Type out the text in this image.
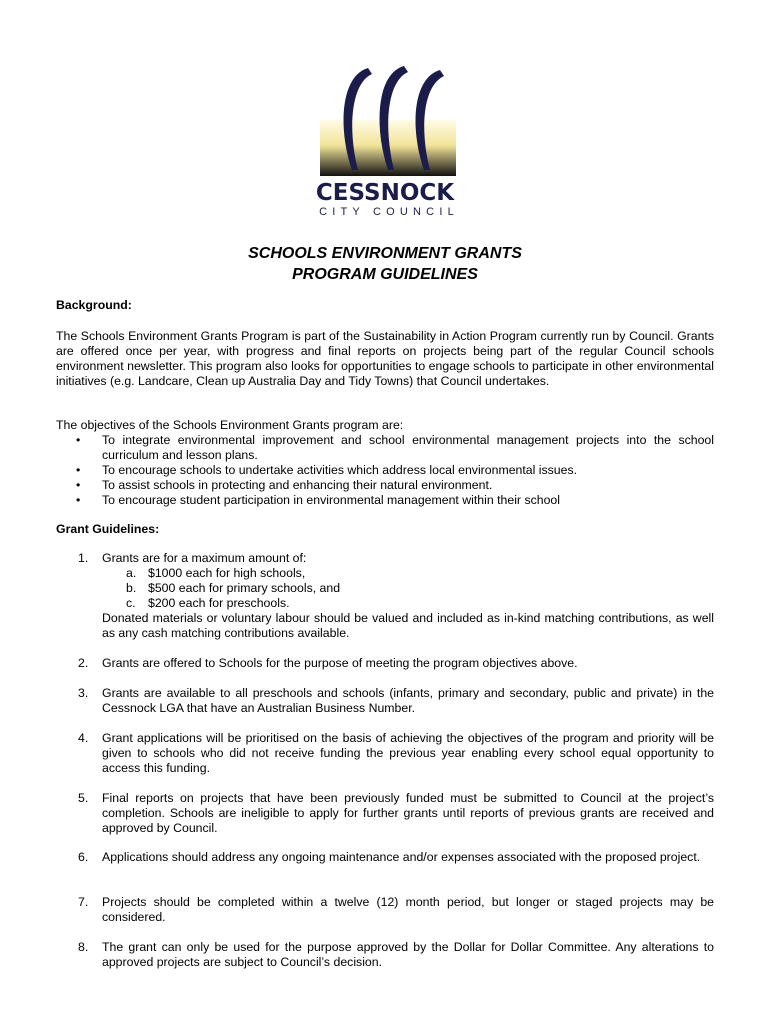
CESSNOCK
CITY COUNCIL
SCHOOLS ENVIRONMENT GRANTS
PROGRAM GUIDELINES
Background:
The Schools Environment Grants Program is part of the Sustainability in Action Program currently run by Council. Grants are offered once per year, with progress and final reports on projects being part of the regular Council schools environment newsletter. This program also looks for opportunities to engage schools to participate in other environmental initiatives (e.g. Landcare, Clean up Australia Day and Tidy Towns) that Council undertakes.
The objectives of the Schools Environment Grants program are:
• To integrate environmental improvement and school environmental management projects into the school curriculum and lesson plans.
• To encourage schools to undertake activities which address local environmental issues.
• To assist schools in protecting and enhancing their natural environment.
• To encourage student participation in environmental management within their school
Grant Guidelines:
1. Grants are for a maximum amount of:
a. $1000 each for high schools,
b. $500 each for primary schools, and
c. $200 each for preschools.
Donated materials or voluntary labour should be valued and included as in-kind matching contributions, as well as any cash matching contributions available.
2. Grants are offered to Schools for the purpose of meeting the program objectives above.
3. Grants are available to all preschools and schools (infants, primary and secondary, public and private) in the Cessnock LGA that have an Australian Business Number.
4. Grant applications will be prioritised on the basis of achieving the objectives of the program and priority will be given to schools who did not receive funding the previous year enabling every school equal opportunity to access this funding.
5. Final reports on projects that have been previously funded must be submitted to Council at the project’s completion. Schools are ineligible to apply for further grants until reports of previous grants are received and approved by Council.
6. Applications should address any ongoing maintenance and/or expenses associated with the proposed project.
7. Projects should be completed within a twelve (12) month period, but longer or staged projects may be considered.
8. The grant can only be used for the purpose approved by the Dollar for Dollar Committee. Any alterations to approved projects are subject to Council’s decision.
